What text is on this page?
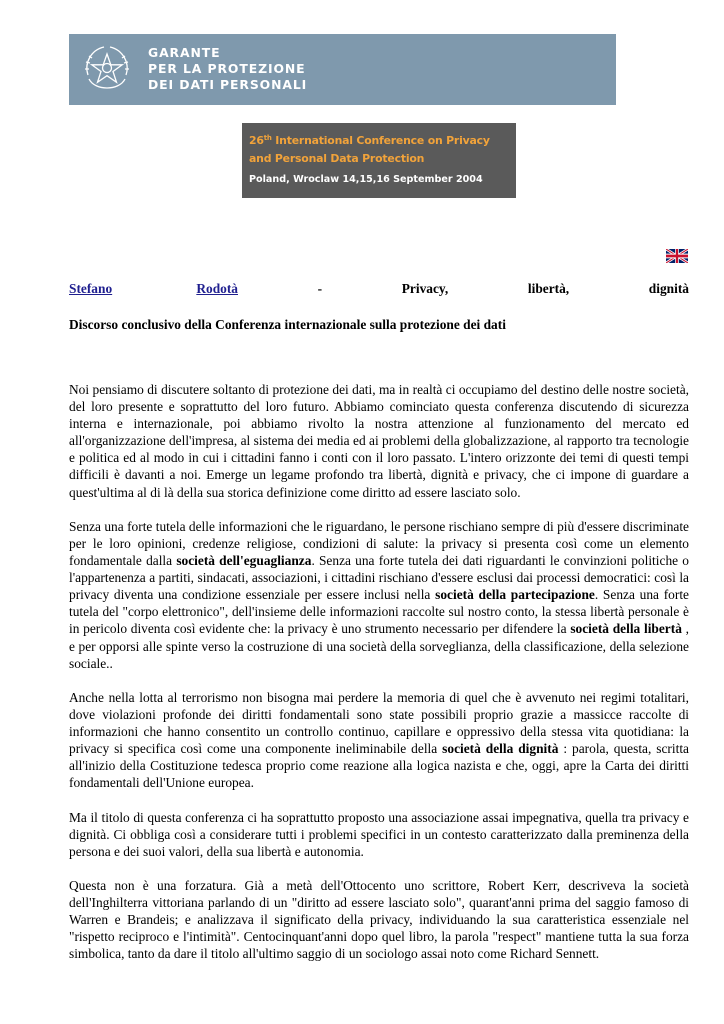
GARANTE
PER LA PROTEZIONE
DEI DATI PERSONALI
26th International Conference on Privacy
and Personal Data Protection
Poland, Wroclaw 14,15,16 September 2004
Stefano	Rodotà	-	Privacy,	libertà,	dignità
Discorso conclusivo della Conferenza internazionale sulla protezione dei dati

Noi pensiamo di discutere soltanto di protezione dei dati, ma in realtà ci occupiamo del destino delle nostre società, del loro presente e soprattutto del loro futuro. Abbiamo cominciato questa conferenza discutendo di sicurezza interna e internazionale, poi abbiamo rivolto la nostra attenzione al funzionamento del mercato ed all'organizzazione dell'impresa, al sistema dei media ed ai problemi della globalizzazione, al rapporto tra tecnologie e politica ed al modo in cui i cittadini fanno i conti con il loro passato. L'intero orizzonte dei temi di questi tempi difficili è davanti a noi. Emerge un legame profondo tra libertà, dignità e privacy, che ci impone di guardare a quest'ultima al di là della sua storica definizione come diritto ad essere lasciato solo.

Senza una forte tutela delle informazioni che le riguardano, le persone rischiano sempre di più d'essere discriminate per le loro opinioni, credenze religiose, condizioni di salute: la privacy si presenta così come un elemento fondamentale dalla società dell'eguaglianza. Senza una forte tutela dei dati riguardanti le convinzioni politiche o l'appartenenza a partiti, sindacati, associazioni, i cittadini rischiano d'essere esclusi dai processi democratici: così la privacy diventa una condizione essenziale per essere inclusi nella società della partecipazione. Senza una forte tutela del "corpo elettronico", dell'insieme delle informazioni raccolte sul nostro conto, la stessa libertà personale è in pericolo diventa così evidente che: la privacy è uno strumento necessario per difendere la società della libertà , e per opporsi alle spinte verso la costruzione di una società della sorveglianza, della classificazione, della selezione sociale..

Anche nella lotta al terrorismo non bisogna mai perdere la memoria di quel che è avvenuto nei regimi totalitari, dove violazioni profonde dei diritti fondamentali sono state possibili proprio grazie a massicce raccolte di informazioni che hanno consentito un controllo continuo, capillare e oppressivo della stessa vita quotidiana: la privacy si specifica così come una componente ineliminabile della società della dignità : parola, questa, scritta all'inizio della Costituzione tedesca proprio come reazione alla logica nazista e che, oggi, apre la Carta dei diritti fondamentali dell'Unione europea.

Ma il titolo di questa conferenza ci ha soprattutto proposto una associazione assai impegnativa, quella tra privacy e dignità. Ci obbliga così a considerare tutti i problemi specifici in un contesto caratterizzato dalla preminenza della persona e dei suoi valori, della sua libertà e autonomia.

Questa non è una forzatura. Già a metà dell'Ottocento uno scrittore, Robert Kerr, descriveva la società dell'Inghilterra vittoriana parlando di un "diritto ad essere lasciato solo", quarant'anni prima del saggio famoso di Warren e Brandeis; e analizzava il significato della privacy, individuando la sua caratteristica essenziale nel "rispetto reciproco e l'intimità". Centocinquant'anni dopo quel libro, la parola "respect" mantiene tutta la sua forza simbolica, tanto da dare il titolo all'ultimo saggio di un sociologo assai noto come Richard Sennett.
